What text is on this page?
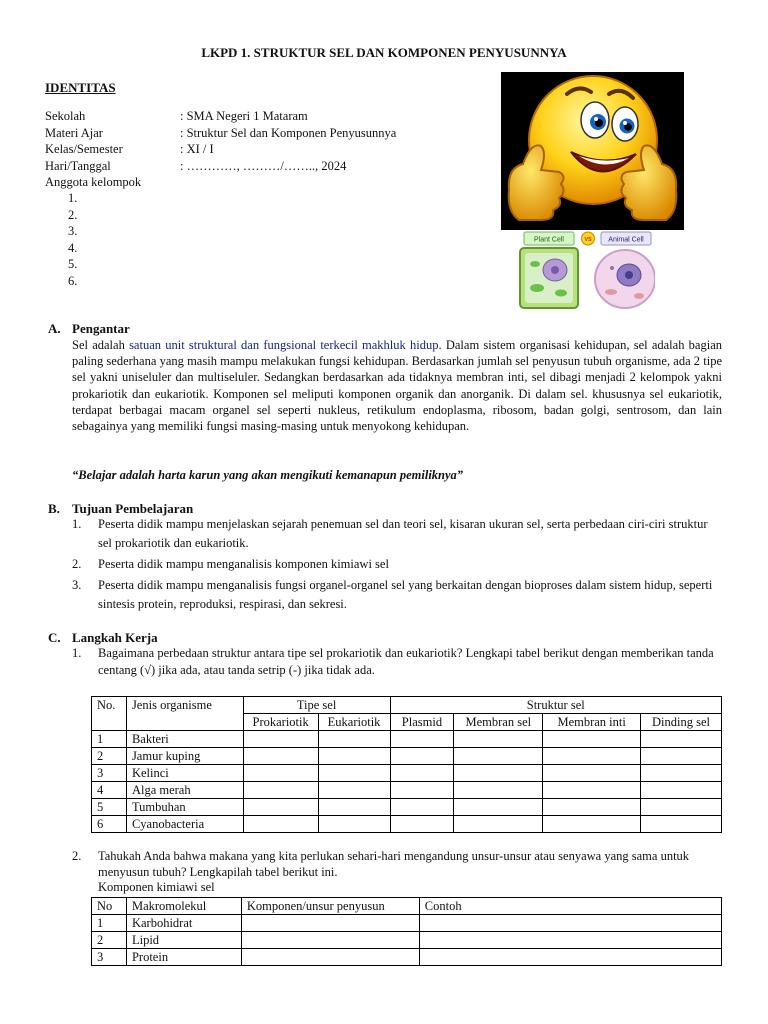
LKPD 1. STRUKTUR SEL DAN KOMPONEN PENYUSUNNYA
IDENTITAS
Sekolah	: SMA Negeri 1 Mataram
Materi Ajar	: Struktur Sel dan Komponen Penyusunnya
Kelas/Semester	: XI / I
Hari/Tanggal	: …………, ………/…….., 2024
Anggota kelompok
1.
2.
3.
4.
5.
6.
Plant Cell	VS Animal Cell
A. Pengantar
Sel adalah satuan unit struktural dan fungsional terkecil makhluk hidup. Dalam sistem organisasi kehidupan, sel adalah bagian paling sederhana yang masih mampu melakukan fungsi kehidupan. Berdasarkan jumlah sel penyusun tubuh organisme, ada 2 tipe sel yakni uniseluler dan multiseluler. Sedangkan berdasarkan ada tidaknya membran inti, sel dibagi menjadi 2 kelompok yakni prokariotik dan eukariotik. Komponen sel meliputi komponen organik dan anorganik. Di dalam sel. khususnya sel eukariotik, terdapat berbagai macam organel sel seperti nukleus, retikulum endoplasma, ribosom, badan golgi, sentrosom, dan lain sebagainya yang memiliki fungsi masing-masing untuk menyokong kehidupan.
“Belajar adalah harta karun yang akan mengikuti kemanapun pemiliknya”
B. Tujuan Pembelajaran
1. Peserta didik mampu menjelaskan sejarah penemuan sel dan teori sel, kisaran ukuran sel, serta perbedaan ciri-ciri struktur sel prokariotik dan eukariotik.
2. Peserta didik mampu menganalisis komponen kimiawi sel
3. Peserta didik mampu menganalisis fungsi organel-organel sel yang berkaitan dengan bioproses dalam sistem hidup, seperti sintesis protein, reproduksi, respirasi, dan sekresi.
C. Langkah Kerja
1. Bagaimana perbedaan struktur antara tipe sel prokariotik dan eukariotik? Lengkapi tabel berikut dengan memberikan tanda centang (√) jika ada, atau tanda setrip (-) jika tidak ada.
No.	Jenis organisme	Tipe sel		Struktur sel			
		Prokariotik	Eukariotik	Plasmid	Membran sel	Membran inti	Dinding sel
1	Bakteri						
2	Jamur kuping						
3	Kelinci						
4	Alga merah						
5	Tumbuhan						
6	Cyanobacteria						
2. Tahukah Anda bahwa makana yang kita perlukan sehari-hari mengandung unsur-unsur atau senyawa yang sama untuk menyusun tubuh? Lengkapilah tabel berikut ini.
Komponen kimiawi sel
No	Makromolekul	Komponen/unsur penyusun	Contoh
1	Karbohidrat		
2	Lipid		
3	Protein		
